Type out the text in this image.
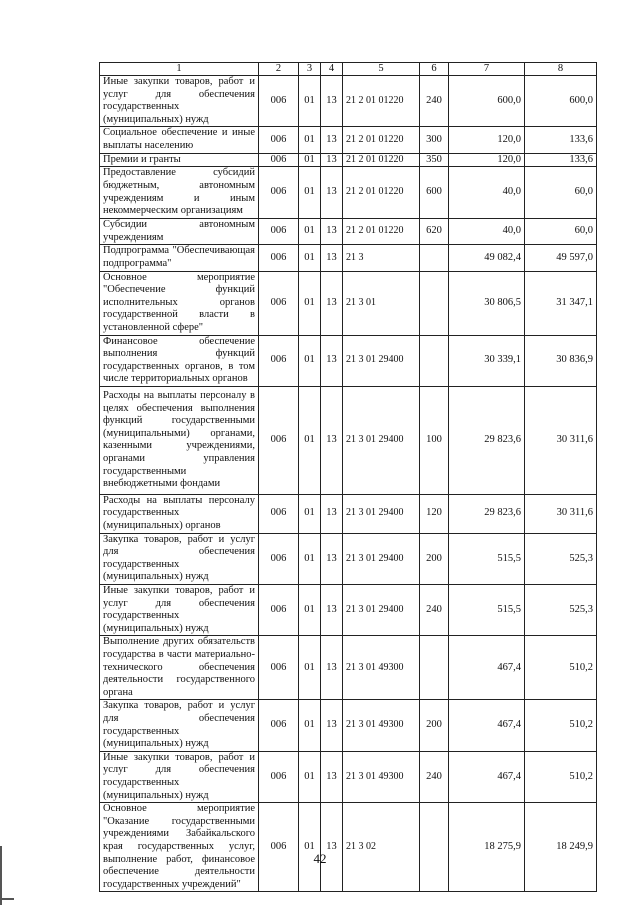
1	2	3	4	5	6	7	8
Иные закупки товаров, работ и услуг для обеспечения государственных (муниципальных) нужд	006	01	13	21 2 01 01220	240	600,0	600,0
Социальное обеспечение и иные выплаты населению	006	01	13	21 2 01 01220	300	120,0	133,6
Премии и гранты	006	01	13	21 2 01 01220	350	120,0	133,6
Предоставление субсидий бюджетным, автономным учреждениям и иным некоммерческим организациям	006	01	13	21 2 01 01220	600	40,0	60,0
Субсидии автономным учреждениям	006	01	13	21 2 01 01220	620	40,0	60,0
Подпрограмма "Обеспечивающая подпрограмма"	006	01	13	21 3		49 082,4	49 597,0
Основное мероприятие "Обеспечение функций исполнительных органов государственной власти в установленной сфере"	006	01	13	21 3 01		30 806,5	31 347,1
Финансовое обеспечение выполнения функций государственных органов, в том числе территориальных органов	006	01	13	21 3 01 29400		30 339,1	30 836,9
Расходы на выплаты персоналу в целях обеспечения выполнения функций государственными (муниципальными) органами, казенными учреждениями, органами управления государственными внебюджетными фондами	006	01	13	21 3 01 29400	100	29 823,6	30 311,6
Расходы на выплаты персоналу государственных (муниципальных) органов	006	01	13	21 3 01 29400	120	29 823,6	30 311,6
Закупка товаров, работ и услуг для обеспечения государственных (муниципальных) нужд	006	01	13	21 3 01 29400	200	515,5	525,3
Иные закупки товаров, работ и услуг для обеспечения государственных (муниципальных) нужд	006	01	13	21 3 01 29400	240	515,5	525,3
Выполнение других обязательств государства в части материально-технического обеспечения деятельности государственного органа	006	01	13	21 3 01 49300		467,4	510,2
Закупка товаров, работ и услуг для обеспечения государственных (муниципальных) нужд	006	01	13	21 3 01 49300	200	467,4	510,2
Иные закупки товаров, работ и услуг для обеспечения государственных (муниципальных) нужд	006	01	13	21 3 01 49300	240	467,4	510,2
Основное мероприятие "Оказание государственными учреждениями Забайкальского края государственных услуг, выполнение работ, финансовое обеспечение деятельности государственных учреждений"	006	01	13	21 3 02		18 275,9	18 249,9
42
